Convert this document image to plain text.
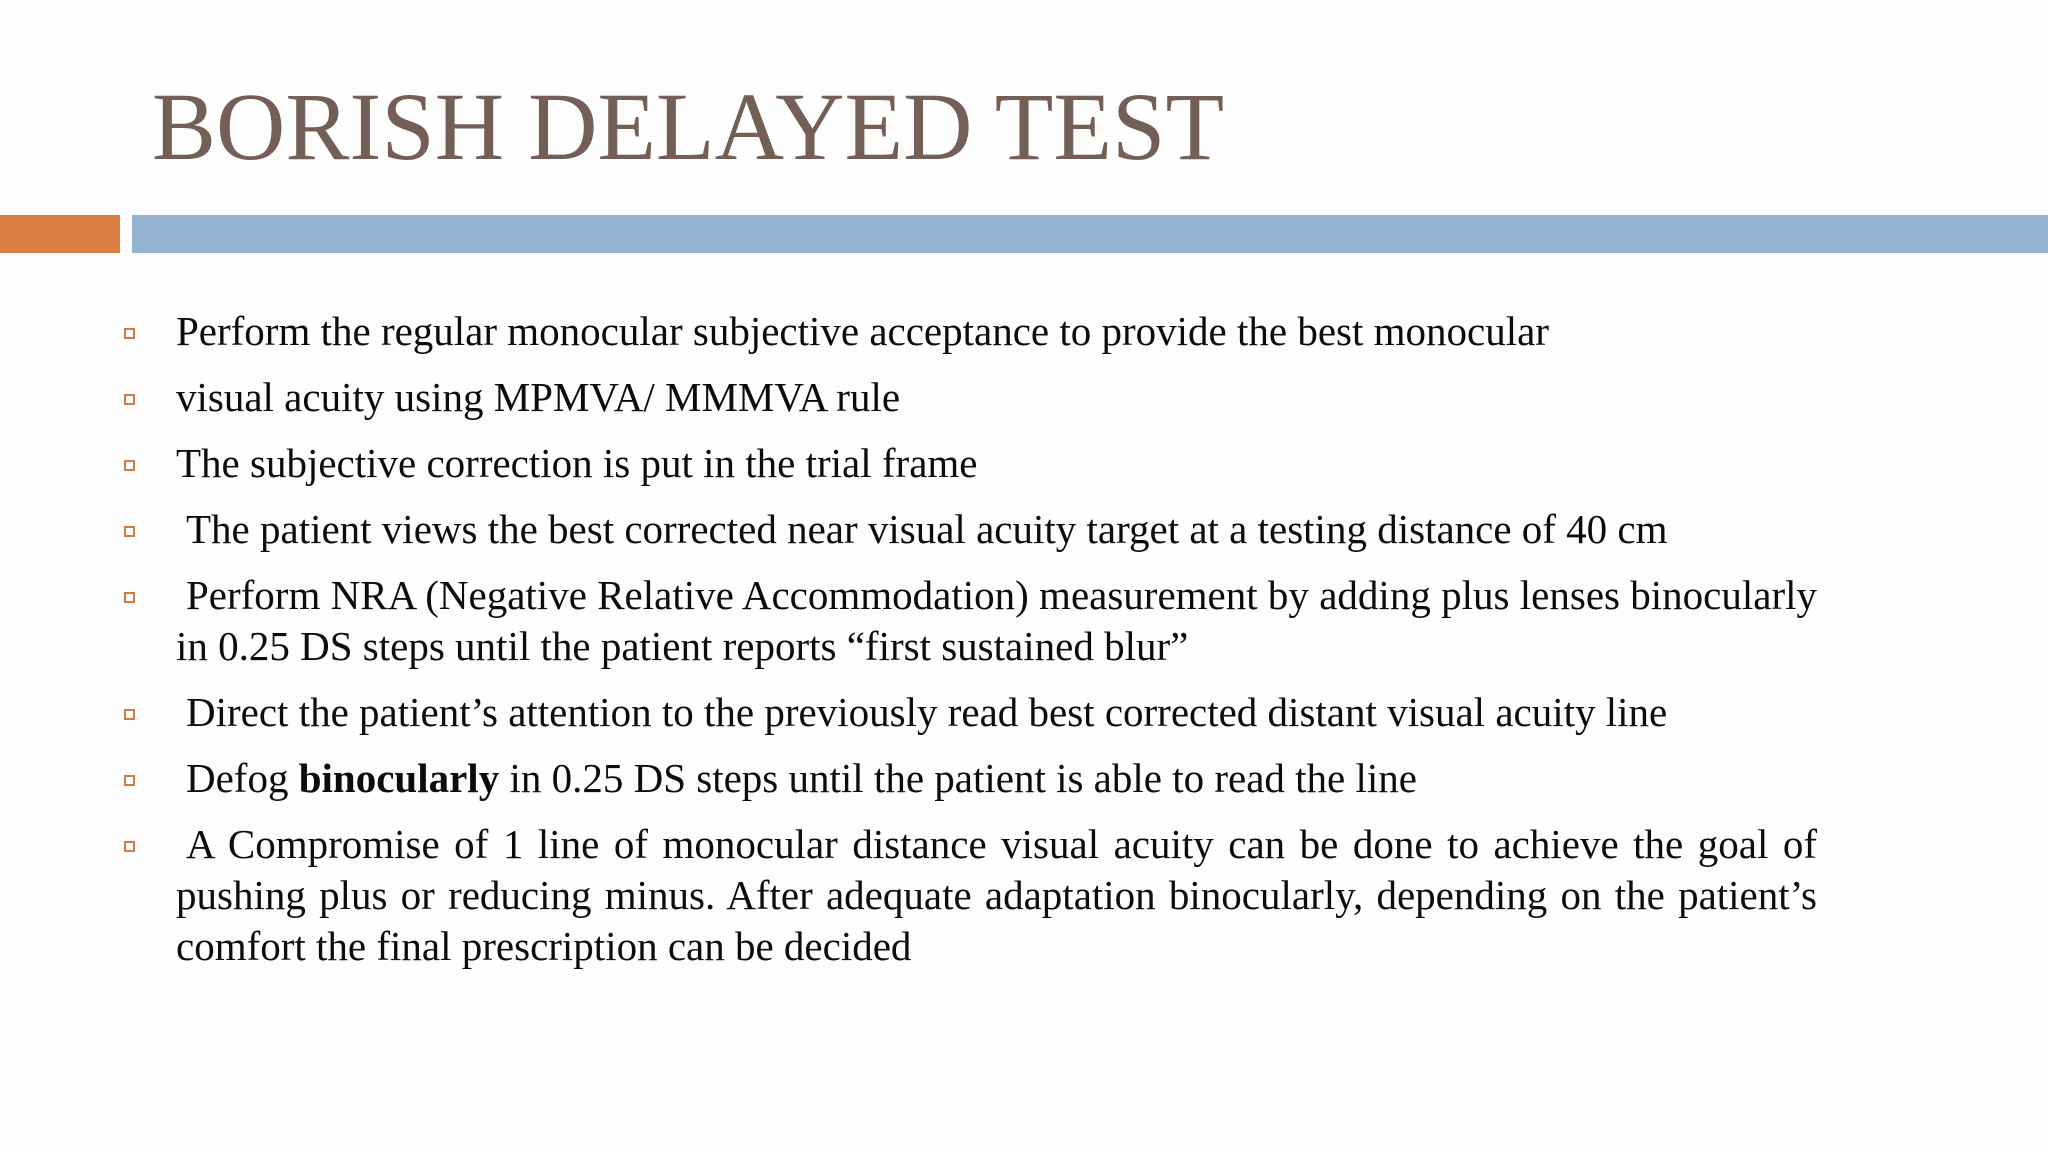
BORISH DELAYED TEST
Perform the regular monocular subjective acceptance to provide the best monocular
visual acuity using MPMVA/ MMMVA rule
The subjective correction is put in the trial frame
The patient views the best corrected near visual acuity target at a testing distance of 40 cm
Perform NRA (Negative Relative Accommodation) measurement by adding plus lenses binocularly in 0.25 DS steps until the patient reports “first sustained blur”
Direct the patient’s attention to the previously read best corrected distant visual acuity line
Defog binocularly in 0.25 DS steps until the patient is able to read the line
A Compromise of 1 line of monocular distance visual acuity can be done to achieve the goal of pushing plus or reducing minus. After adequate adaptation binocularly, depending on the patient’s comfort the final prescription can be decided
